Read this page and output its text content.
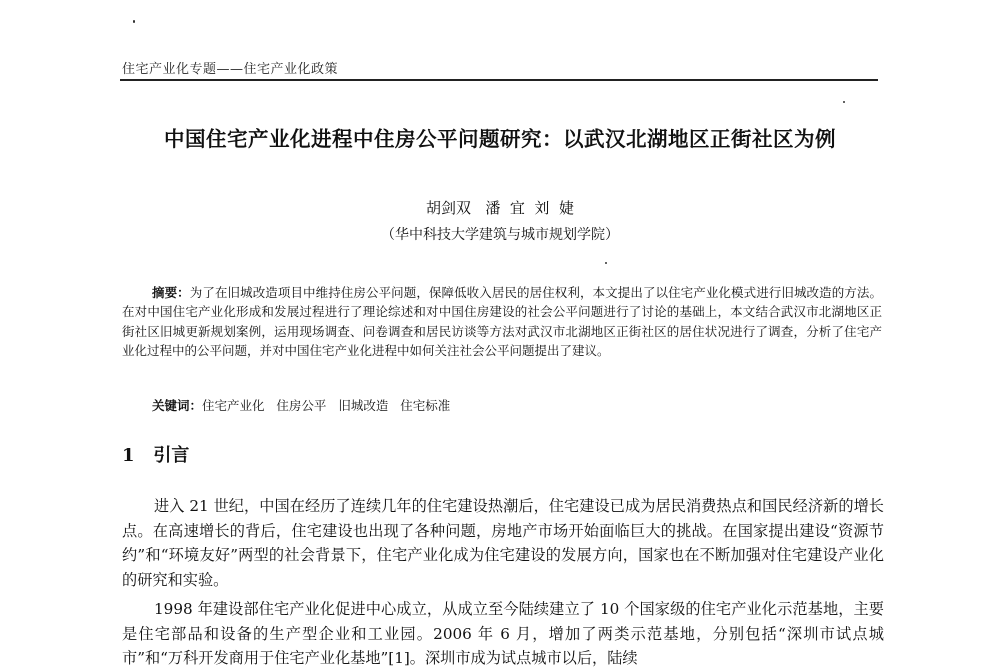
住宅产业化专题——住宅产业化政策
中国住宅产业化进程中住房公平问题研究：以武汉北湖地区正街社区为例
胡剑双   潘  宜  刘  婕
（华中科技大学建筑与城市规划学院）
摘要：为了在旧城改造项目中维持住房公平问题，保障低收入居民的居住权利，本文提出了以住宅产业化模式进行旧城改造的方法。在对中国住宅产业化形成和发展过程进行了理论综述和对中国住房建设的社会公平问题进行了讨论的基础上，本文结合武汉市北湖地区正街社区旧城更新规划案例，运用现场调查、问卷调查和居民访谈等方法对武汉市北湖地区正街社区的居住状况进行了调查，分析了住宅产业化过程中的公平问题，并对中国住宅产业化进程中如何关注社会公平问题提出了建议。
关键词：住宅产业化   住房公平   旧城改造   住宅标准
1 引言

进入 21 世纪，中国在经历了连续几年的住宅建设热潮后，住宅建设已成为居民消费热点和国民经济新的增长点。在高速增长的背后，住宅建设也出现了各种问题，房地产市场开始面临巨大的挑战。在国家提出建设“资源节约”和“环境友好”两型的社会背景下，住宅产业化成为住宅建设的发展方向，国家也在不断加强对住宅建设产业化的研究和实验。

1998 年建设部住宅产业化促进中心成立，从成立至今陆续建立了 10 个国家级的住宅产业化示范基地，主要是住宅部品和设备的生产型企业和工业园。2006 年 6 月，增加了两类示范基地，分别包括“深圳市试点城市”和“万科开发商用于住宅产业化基地”[1]。深圳市成为试点城市以后，陆续
